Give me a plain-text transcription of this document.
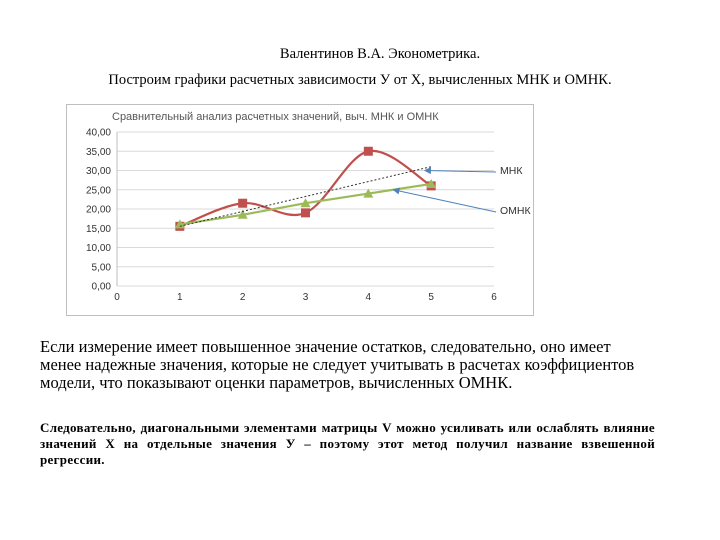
Валентинов В.А. Эконометрика.
Построим графики расчетных зависимости У от Х, вычисленных МНК и ОМНК.
Сравнительный анализ расчетных значений, выч. МНК и ОМНК
0,00
5,00
10,00
15,00
20,00
25,00
30,00
35,00
40,00
0	1	2	3	4	5	6
МНК
ОМНК
Если измерение имеет повышенное значение остатков, следовательно, оно имеет менее надежные значения, которые не следует учитывать в расчетах коэффициентов модели, что показывают оценки параметров, вычисленных ОМНК.
Следовательно, диагональными элементами матрицы V можно усиливать или ослаблять влияние значений X на отдельные значения У – поэтому этот метод получил название взвешенной регрессии.
